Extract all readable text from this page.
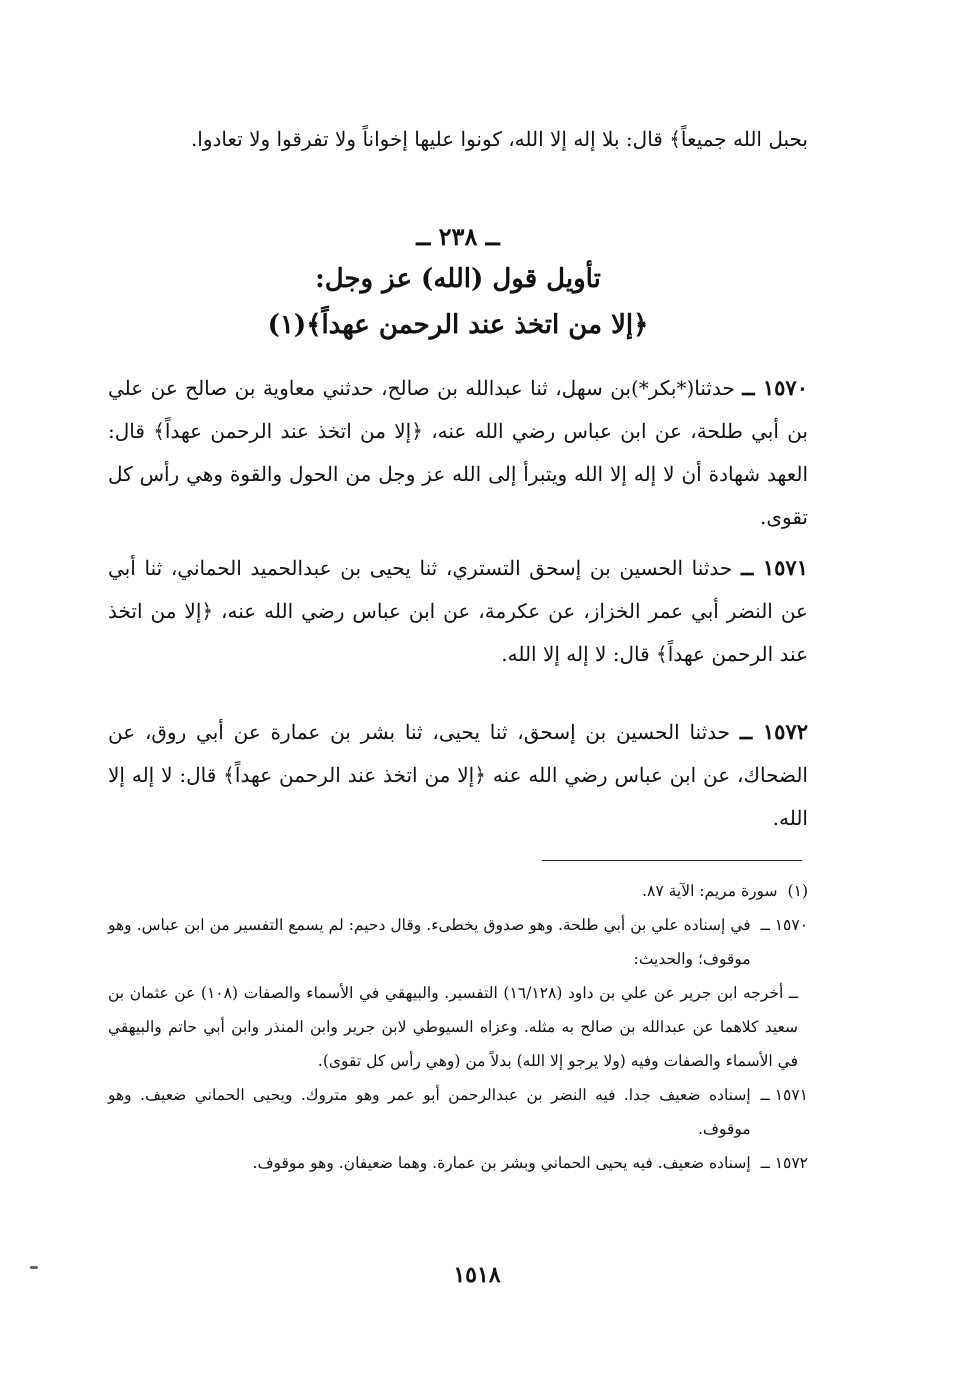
بحبل الله جميعاً﴾ قال: بلا إله إلا الله، كونوا عليها إخواناً ولا تفرقوا ولا تعادوا.

ــ ٢٣٨ ــ
تأويل قول (الله) عز وجل:
﴿إلا من اتخذ عند الرحمن عهداً﴾(١)

١٥٧٠ ــ حدثنا(*بكر*)بن سهل، ثنا عبدالله بن صالح، حدثني معاوية بن صالح عن علي بن أبي طلحة، عن ابن عباس رضي الله عنه، ﴿إلا من اتخذ عند الرحمن عهداً﴾ قال: العهد شهادة أن لا إله إلا الله ويتبرأ إلى الله عز وجل من الحول والقوة وهي رأس كل تقوى.

١٥٧١ ــ حدثنا الحسين بن إسحق التستري، ثنا يحيى بن عبدالحميد الحماني، ثنا أبي عن النضر أبي عمر الخزاز، عن عكرمة، عن ابن عباس رضي الله عنه، ﴿إلا من اتخذ عند الرحمن عهداً﴾ قال: لا إله إلا الله.

١٥٧٢ ــ حدثنا الحسين بن إسحق، ثنا يحيى، ثنا بشر بن عمارة عن أبي روق، عن الضحاك، عن ابن عباس رضي الله عنه ﴿إلا من اتخذ عند الرحمن عهداً﴾ قال: لا إله إلا الله.

(١)
سورة مريم: الآية ٨٧.
١٥٧٠ ــ
في إسناده علي بن أبي طلحة. وهو صدوق يخطىء. وقال دحيم: لم يسمع التفسير من ابن عباس. وهو موقوف؛ والحديث:
ــ أخرجه ابن جرير عن علي بن داود (١٦/١٢٨) التفسير. والبيهقي في الأسماء والصفات (١٠٨) عن عثمان بن سعيد كلاهما عن عبدالله بن صالح به مثله. وعزاه السيوطي لابن جرير وابن المنذر وابن أبي حاتم والبيهقي في الأسماء والصفات وفيه (ولا يرجو إلا الله) بدلاً من (وهي رأس كل تقوى).
١٥٧١ ــ
إسناده ضعيف جدا. فيه النضر بن عبدالرحمن أبو عمر وهو متروك. ويحيى الحماني ضعيف. وهو موقوف.
١٥٧٢ ــ
إسناده ضعيف. فيه يحيى الحماني وبشر بن عمارة. وهما ضعيفان. وهو موقوف.
١٥١٨
